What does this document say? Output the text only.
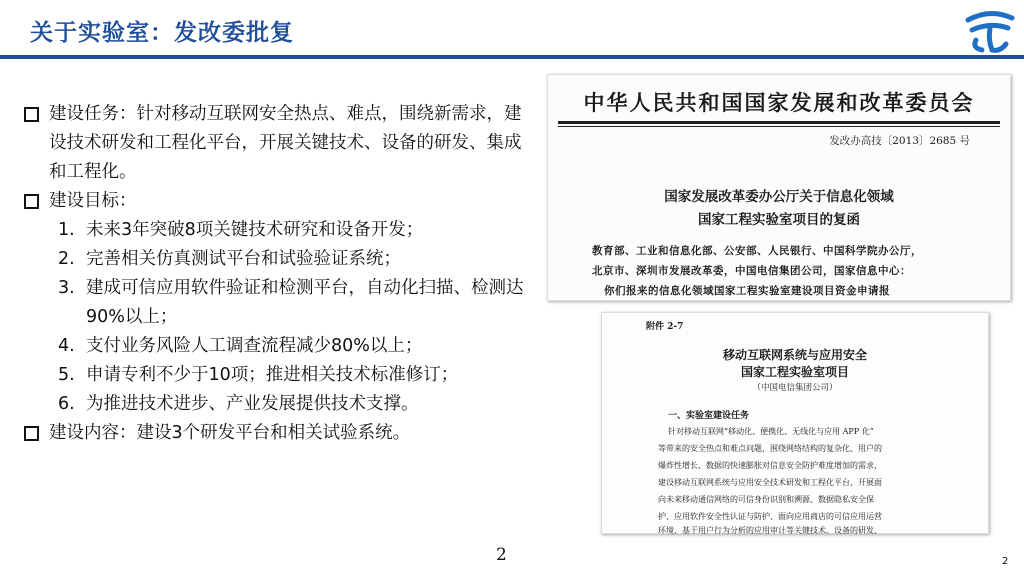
关于实验室：发改委批复
建设任务：针对移动互联网安全热点、难点，围绕新需求，建设技术研发和工程化平台，开展关键技术、设备的研发、集成和工程化。
建设目标：
1. 未来3年突破8项关键技术研究和设备开发；
2. 完善相关仿真测试平台和试验验证系统；
3. 建成可信应用软件验证和检测平台，自动化扫描、检测达90%以上；
4. 支付业务风险人工调查流程减少80%以上；
5. 申请专利不少于10项；推进相关技术标准修订；
6. 为推进技术进步、产业发展提供技术支撑。
建设内容：建设3个研发平台和相关试验系统。
中华人民共和国国家发展和改革委员会
发改办高技〔2013〕2685 号
国家发展改革委办公厅关于信息化领域
国家工程实验室项目的复函
教育部、工业和信息化部、公安部、人民银行、中国科学院办公厅，
北京市、深圳市发展改革委，中国电信集团公司，国家信息中心：
你们报来的信息化领域国家工程实验室建设项目资金申请报
附件 2-7
移动互联网系统与应用安全
国家工程实验室项目
（中国电信集团公司）
一、实验室建设任务
针对移动互联网“移动化、便携化、无线化与应用 APP 化”
等带来的安全热点和难点问题，围绕网络结构的复杂化、用户的
爆炸性增长、数据的快速膨胀对信息安全防护难度增加的需求，
建设移动互联网系统与应用安全技术研发和工程化平台，开展面
向未来移动通信网络的可信身份识别和溯源、数据隐私安全保
护、应用软件安全性认证与防护、面向应用商店的可信应用运营
环境、基于用户行为分析的应用审计等关键技术、设备的研发、
2	2
